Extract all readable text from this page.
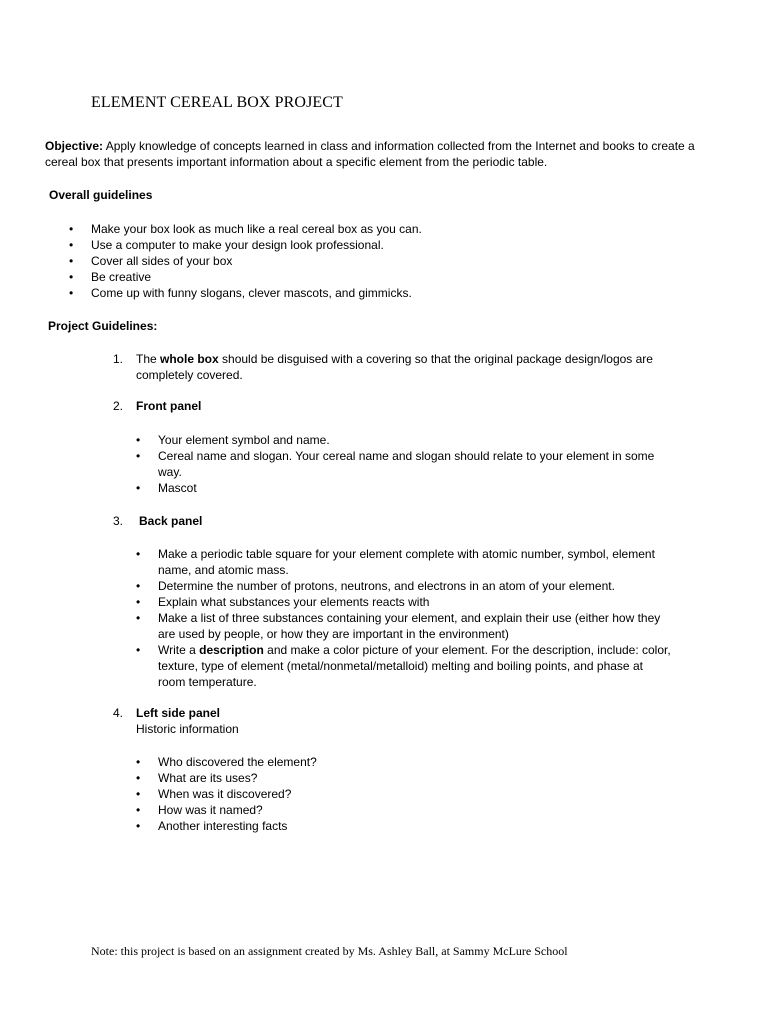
ELEMENT CEREAL BOX PROJECT

Objective: Apply knowledge of concepts learned in class and information collected from the Internet and books to create a cereal box that presents important information about a specific element from the periodic table.

Overall guidelines

• Make your box look as much like a real cereal box as you can.
• Use a computer to make your design look professional.
• Cover all sides of your box
• Be creative
• Come up with funny slogans, clever mascots, and gimmicks.

Project Guidelines:

1. The whole box should be disguised with a covering so that the original package design/logos are completely covered.
2. Front panel
• Your element symbol and name.
• Cereal name and slogan. Your cereal name and slogan should relate to your element in some way.
• Mascot
3. Back panel
• Make a periodic table square for your element complete with atomic number, symbol, element name, and atomic mass.
• Determine the number of protons, neutrons, and electrons in an atom of your element.
• Explain what substances your elements reacts with
• Make a list of three substances containing your element, and explain their use (either how they are used by people, or how they are important in the environment)
• Write a description and make a color picture of your element. For the description, include: color, texture, type of element (metal/nonmetal/metalloid) melting and boiling points, and phase at room temperature.
4. Left side panel
Historic information
• Who discovered the element?
• What are its uses?
• When was it discovered?
• How was it named?
• Another interesting facts

Note: this project is based on an assignment created by Ms. Ashley Ball, at Sammy McLure School
